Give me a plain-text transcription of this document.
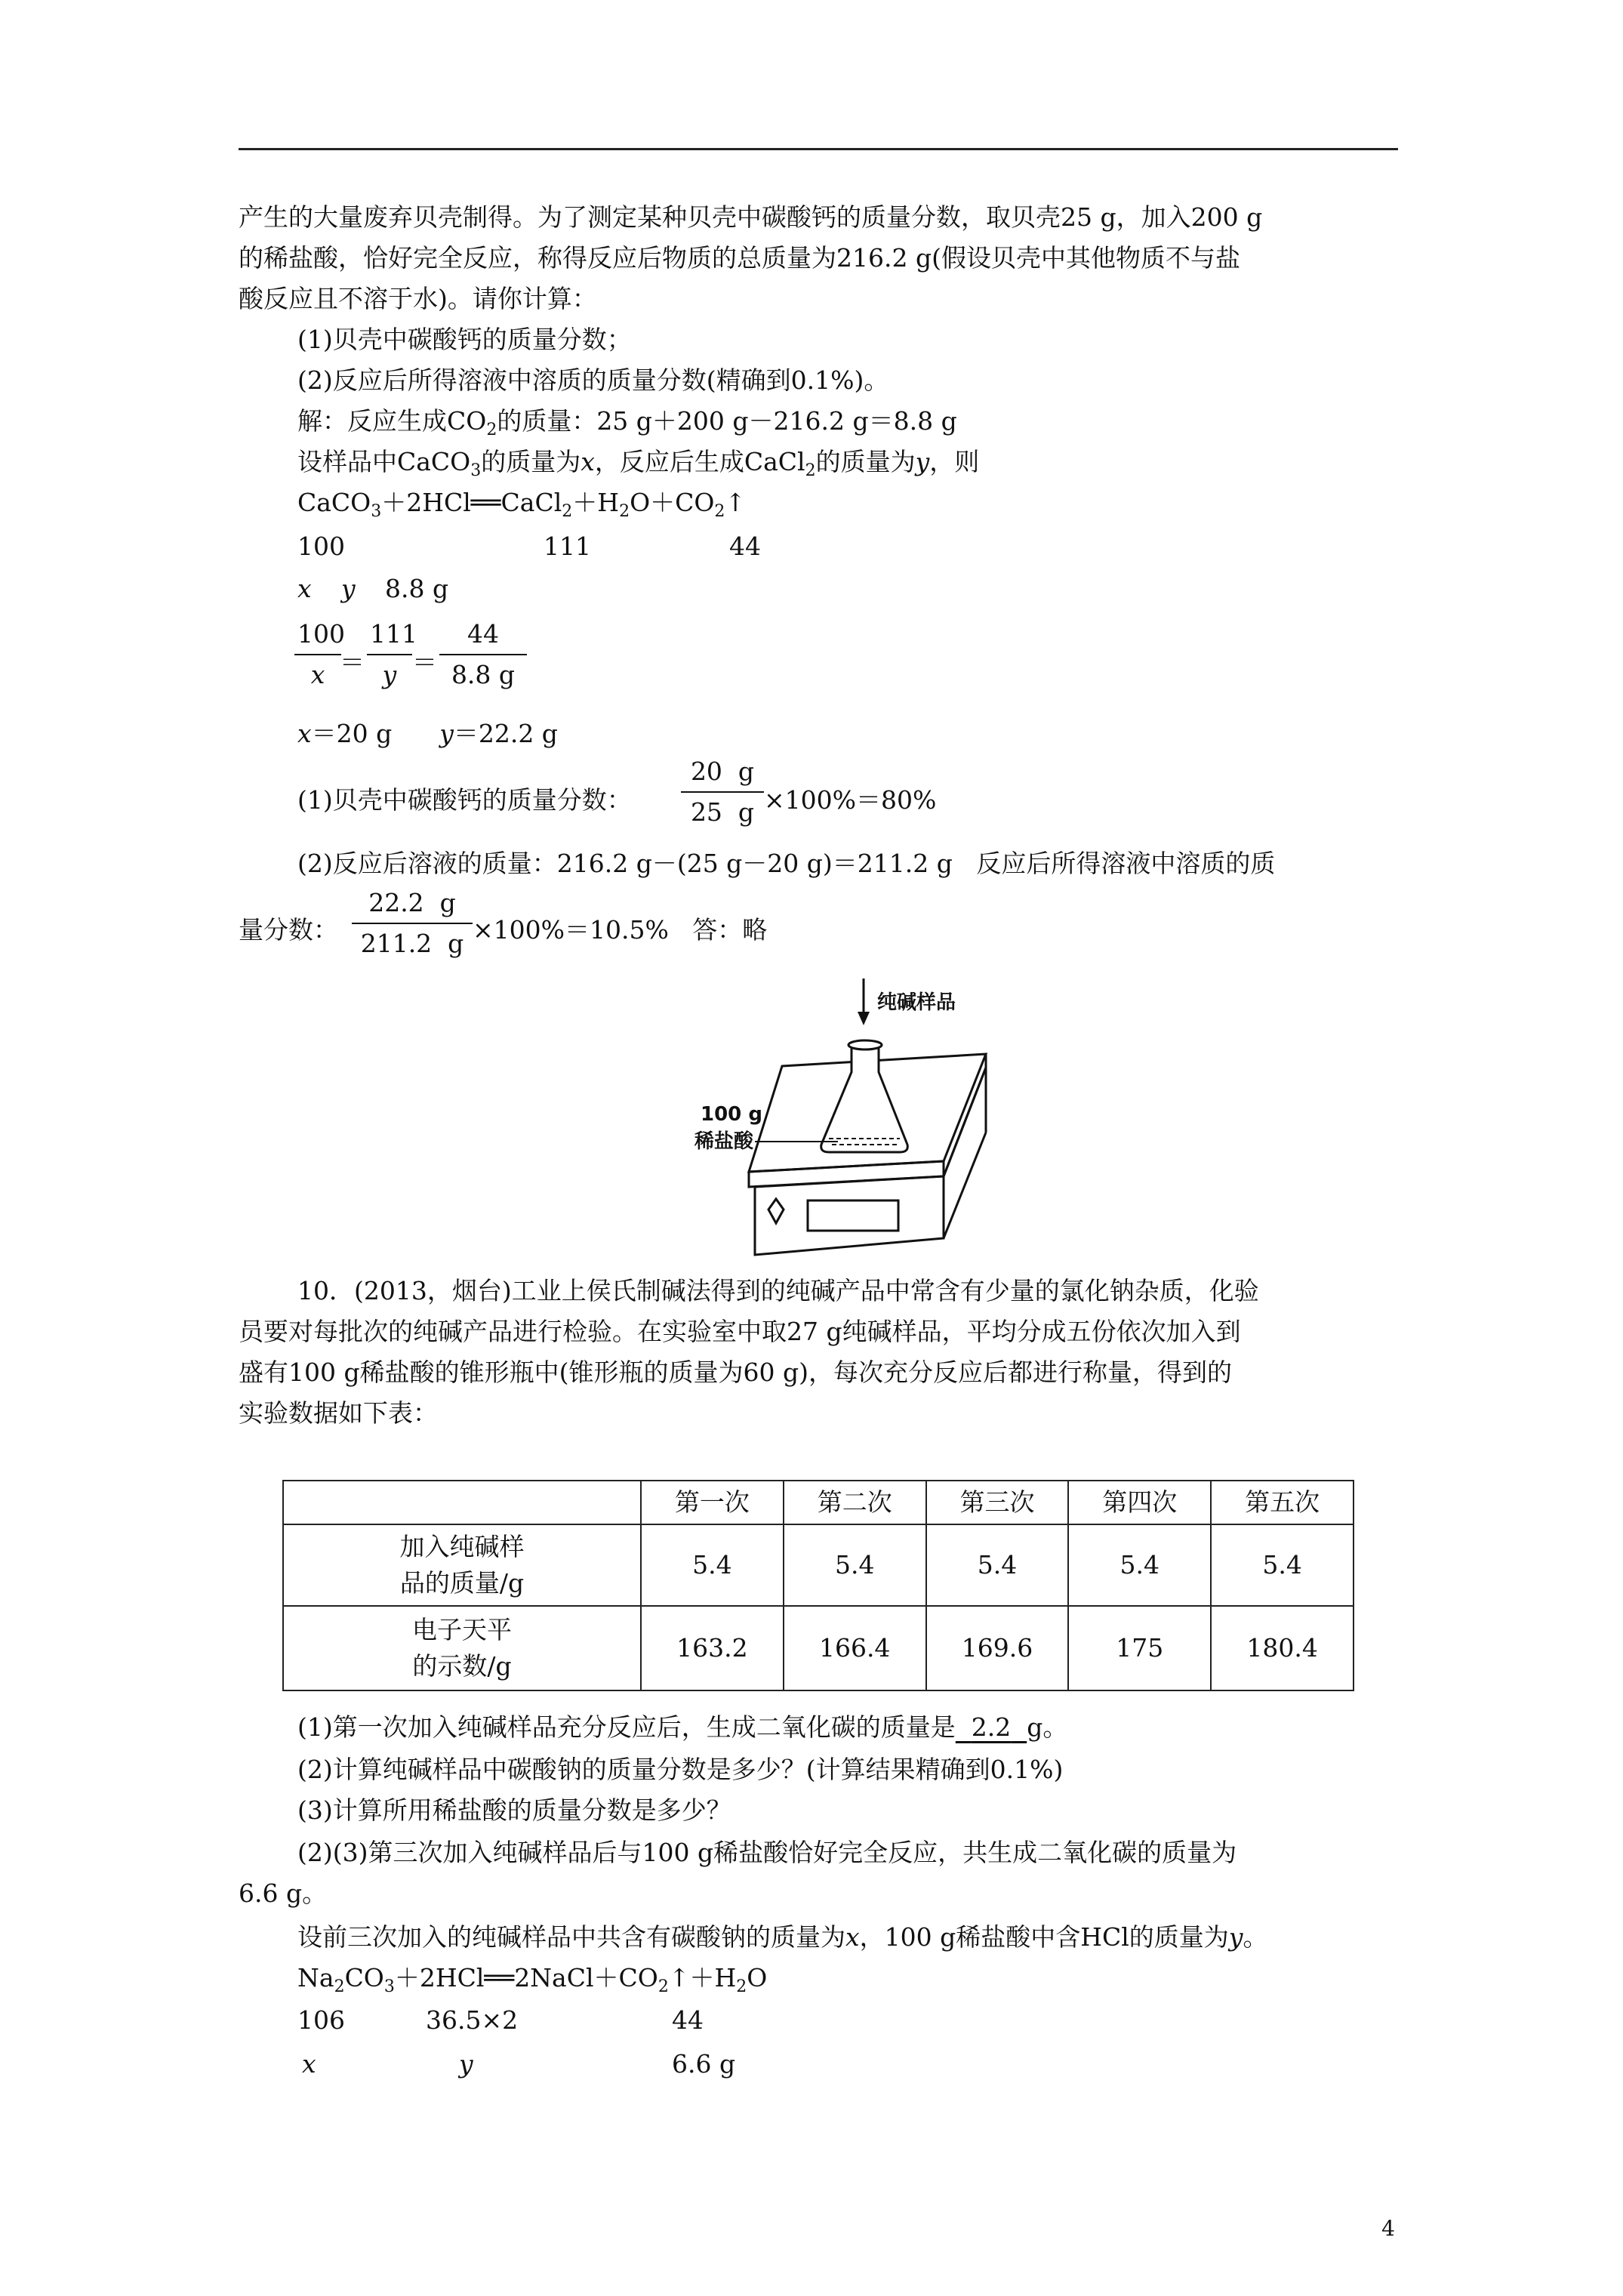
产生的大量废弃贝壳制得。为了测定某种贝壳中碳酸钙的质量分数，取贝壳25 g，加入200 g
的稀盐酸，恰好完全反应，称得反应后物质的总质量为216.2 g(假设贝壳中其他物质不与盐
酸反应且不溶于水)。请你计算：
(1)贝壳中碳酸钙的质量分数；
(2)反应后所得溶液中溶质的质量分数(精确到0.1%)。
解：反应生成$CO_2$的质量：25 g＋200 g－216.2 g＝8.8 g
设样品中CaCO$_3$的质量为x，反应后生成CaCl$_2$的质量为y，则
$CaCO_3+2HCl══CaCl_2+H_2O+CO_2↑$
100	111	44
x y 8.8 g
$\frac{100}{x}$
＝ $\frac{111}{y} = \frac{44}{8.8 g}$
x＝20 g y＝22.2 g
(1)贝壳中碳酸钙的质量分数： $\frac{20 g}{25 g} \times 100\%=80\%$
(2)反应后溶液的质量：216.2 g－(25 g－20 g)＝211.2 g   反应后所得溶液中溶质的质
量分数： $\frac{22.2 g}{211.2 g} \times 100\%=10.5\%$   答：略
纯碱样品
100 g
稀盐酸
10．(2013，烟台)工业上侯氏制碱法得到的纯碱产品中常含有少量的氯化钠杂质，化验
员要对每批次的纯碱产品进行检验。在实验室中取27 g纯碱样品，平均分成五份依次加入到
盛有100 g稀盐酸的锥形瓶中(锥形瓶的质量为60 g)，每次充分反应后都进行称量，得到的
实验数据如下表：
	第一次	第二次	第三次	第四次	第五次
加入纯碱样
品的质量/g	5.4	5.4	5.4	5.4	5.4
电子天平
的示数/g	163.2	166.4	169.6	175	180.4
(1)第一次加入纯碱样品充分反应后，生成二氧化碳的质量是 2.2 g。
(2)计算纯碱样品中碳酸钠的质量分数是多少？(计算结果精确到0.1%)
(3)计算所用稀盐酸的质量分数是多少？
(2)(3)第三次加入纯碱样品后与100 g稀盐酸恰好完全反应，共生成二氧化碳的质量为
6.6 g。
设前三次加入的纯碱样品中共含有碳酸钠的质量为x，100 g稀盐酸中含HCl的质量为y。
$Na_2CO_3+2HCl══2NaCl+CO_2↑+H_2O$
106	36.5×2	44
x	y	6.6 g
4
